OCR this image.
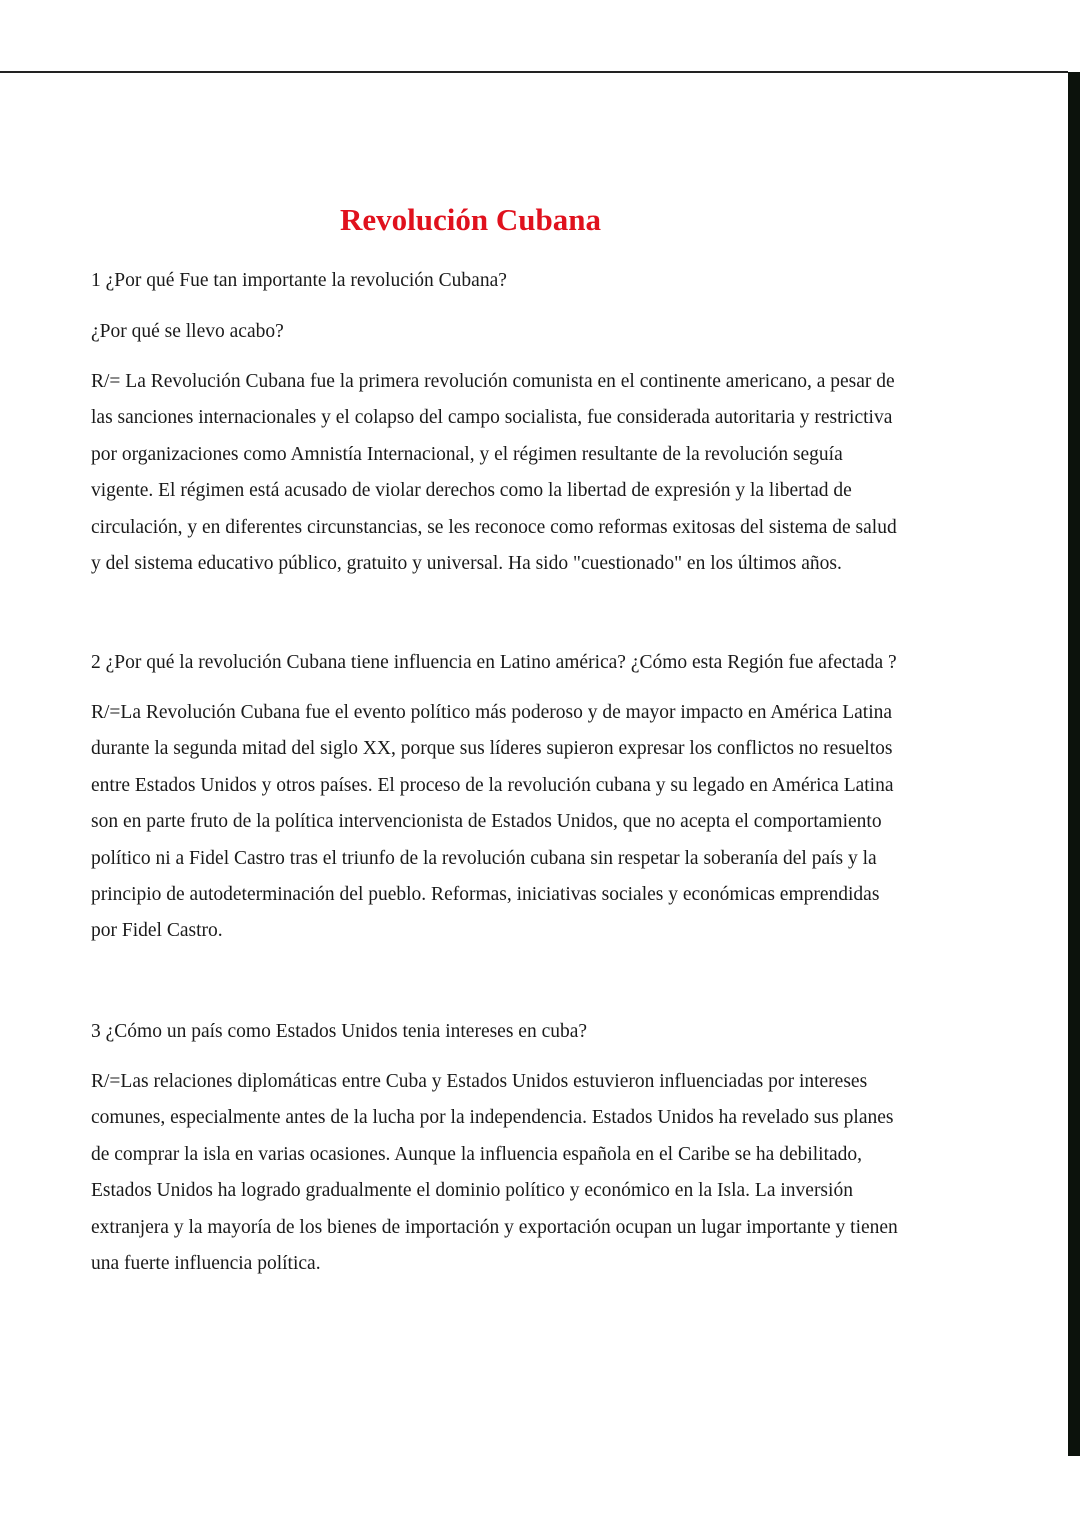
Revolución Cubana

1 ¿Por qué Fue tan importante la revolución Cubana?

¿Por qué se llevo acabo?

R/= La Revolución Cubana fue la primera revolución comunista en el continente americano, a pesar de
las sanciones internacionales y el colapso del campo socialista, fue considerada autoritaria y restrictiva
por organizaciones como Amnistía Internacional, y el régimen resultante de la revolución seguía
vigente. El régimen está acusado de violar derechos como la libertad de expresión y la libertad de
circulación, y en diferentes circunstancias, se les reconoce como reformas exitosas del sistema de salud
y del sistema educativo público, gratuito y universal. Ha sido "cuestionado" en los últimos años.

2 ¿Por qué la revolución Cubana tiene influencia en Latino américa? ¿Cómo esta Región fue afectada ?

R/=La Revolución Cubana fue el evento político más poderoso y de mayor impacto en América Latina
durante la segunda mitad del siglo XX, porque sus líderes supieron expresar los conflictos no resueltos
entre Estados Unidos y otros países. El proceso de la revolución cubana y su legado en América Latina
son en parte fruto de la política intervencionista de Estados Unidos, que no acepta el comportamiento
político ni a Fidel Castro tras el triunfo de la revolución cubana sin respetar la soberanía del país y la
principio de autodeterminación del pueblo. Reformas, iniciativas sociales y económicas emprendidas
por Fidel Castro.

3 ¿Cómo un país como Estados Unidos tenia intereses en cuba?

R/=Las relaciones diplomáticas entre Cuba y Estados Unidos estuvieron influenciadas por intereses
comunes, especialmente antes de la lucha por la independencia. Estados Unidos ha revelado sus planes
de comprar la isla en varias ocasiones. Aunque la influencia española en el Caribe se ha debilitado,
Estados Unidos ha logrado gradualmente el dominio político y económico en la Isla. La inversión
extranjera y la mayoría de los bienes de importación y exportación ocupan un lugar importante y tienen
una fuerte influencia política.
